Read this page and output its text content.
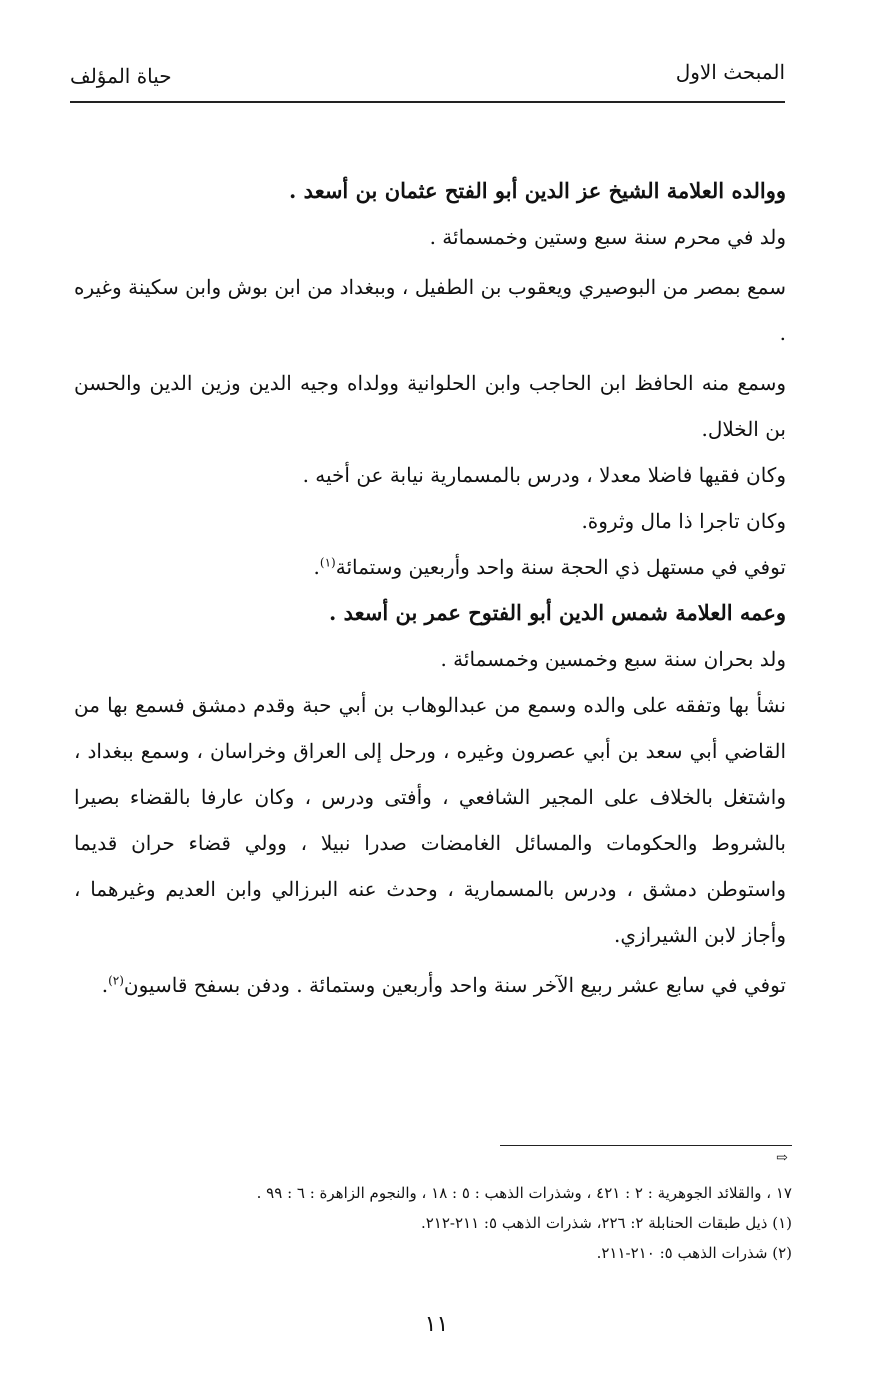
المبحث الاول
حياة المؤلف

ووالده العلامة الشيخ عز الدين أبو الفتح عثمان بن أسعد .

ولد في محرم سنة سبع وستين وخمسمائة .

سمع بمصر من البوصيري ويعقوب بن الطفيل ، وببغداد من ابن بوش وابن سكينة وغيره .

وسمع منه الحافظ ابن الحاجب وابن الحلوانية وولداه وجيه الدين وزين الدين والحسن بن الخلال.

وكان فقيها فاضلا معدلا ، ودرس بالمسمارية نيابة عن أخيه .

وكان تاجرا ذا مال وثروة.

توفي في مستهل ذي الحجة سنة واحد وأربعين وستمائة$^{(١)}$.

وعمه العلامة شمس الدين أبو الفتوح عمر بن أسعد .

ولد بحران سنة سبع وخمسين وخمسمائة .

نشأ بها وتفقه على والده وسمع من عبدالوهاب بن أبي حبة وقدم دمشق فسمع بها من القاضي أبي سعد بن أبي عصرون وغيره ، ورحل إلى العراق وخراسان ، وسمع ببغداد ، واشتغل بالخلاف على المجير الشافعي ، وأفتى ودرس ، وكان عارفا بالقضاء بصيرا بالشروط والحكومات والمسائل الغامضات صدرا نبيلا ، وولي قضاء حران قديما واستوطن دمشق ، ودرس بالمسمارية ، وحدث عنه البرزالي وابن العديم وغيرهما ، وأجاز لابن الشيرازي.

توفي في سابع عشر ربيع الآخر سنة واحد وأربعين وستمائة . ودفن بسفح قاسيون$^{(٢)}$.

⇨

١٧ ، والقلائد الجوهرية : ٢ : ٤٢١ ، وشذرات الذهب : ٥ : ١٨ ، والنجوم الزاهرة : ٦ : ٩٩ .

(١) ذيل طبقات الحنابلة ٢: ٢٢٦، شذرات الذهب ٥: ٢١١-٢١٢.

(٢) شذرات الذهب ٥: ٢١٠-٢١١.

١١
